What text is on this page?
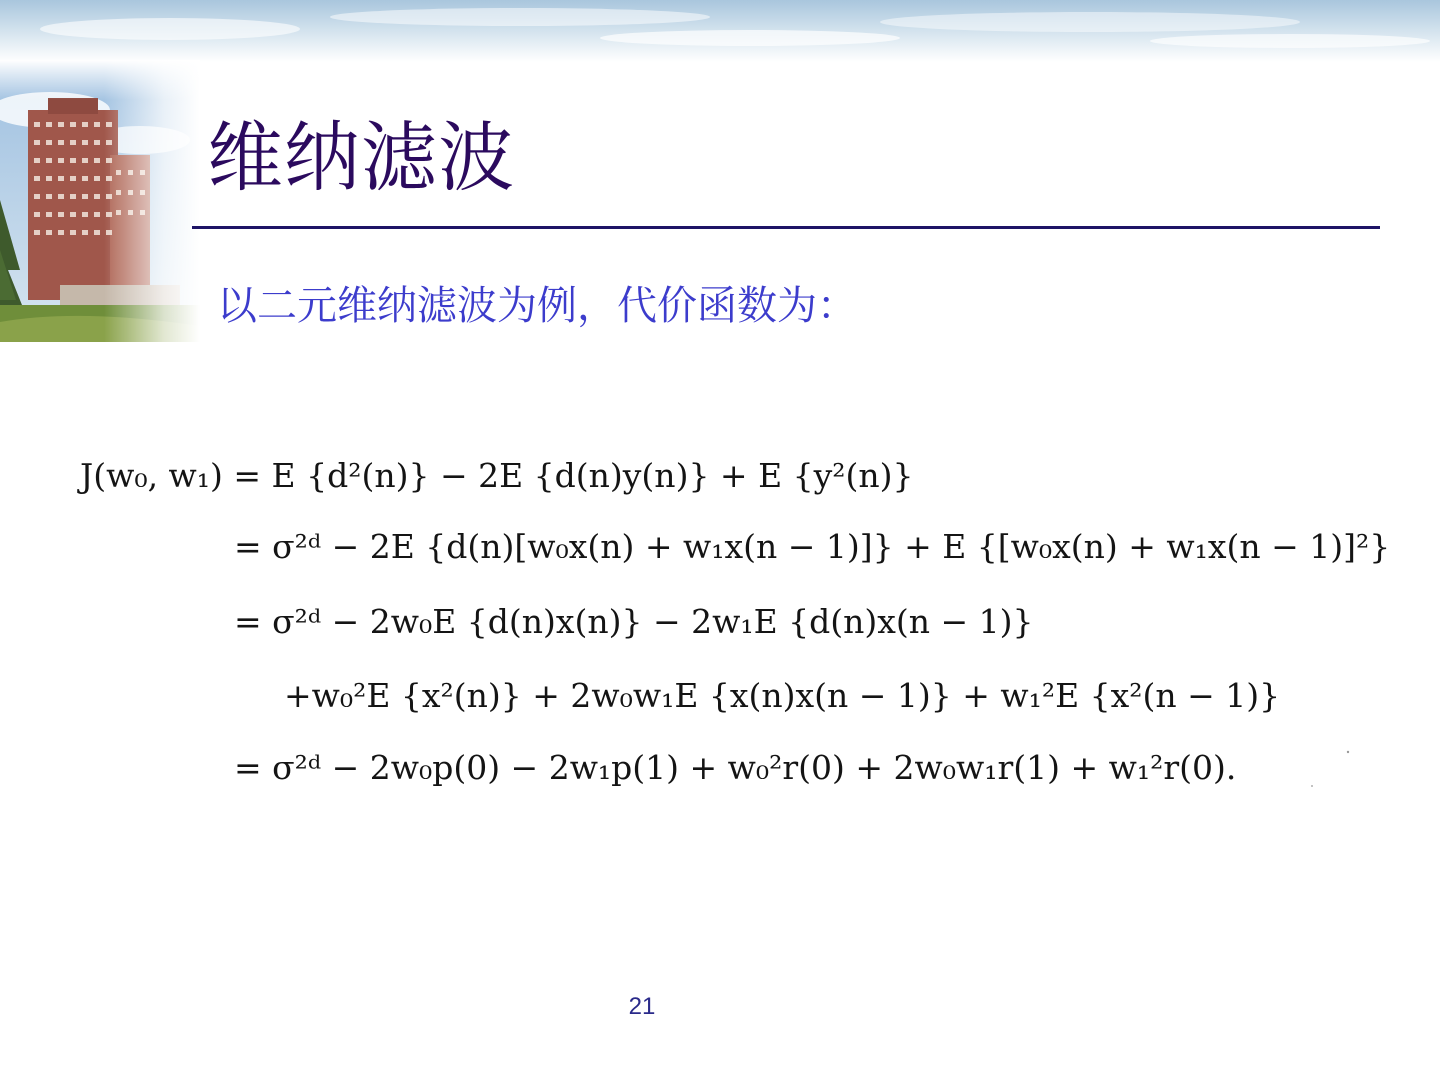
维纳滤波

以二元维纳滤波为例，代价函数为：

J(w₀, w₁) = E {d²(n)} − 2E {d(n)y(n)} + E {y²(n)}
= σ²ᵈ − 2E {d(n)[w₀x(n) + w₁x(n − 1)]} + E {[w₀x(n) + w₁x(n − 1)]²}
= σ²ᵈ − 2w₀E {d(n)x(n)} − 2w₁E {d(n)x(n − 1)}
+w₀²E {x²(n)} + 2w₀w₁E {x(n)x(n − 1)} + w₁²E {x²(n − 1)}
= σ²ᵈ − 2w₀p(0) − 2w₁p(1) + w₀²r(0) + 2w₀w₁r(1) + w₁²r(0).
21
